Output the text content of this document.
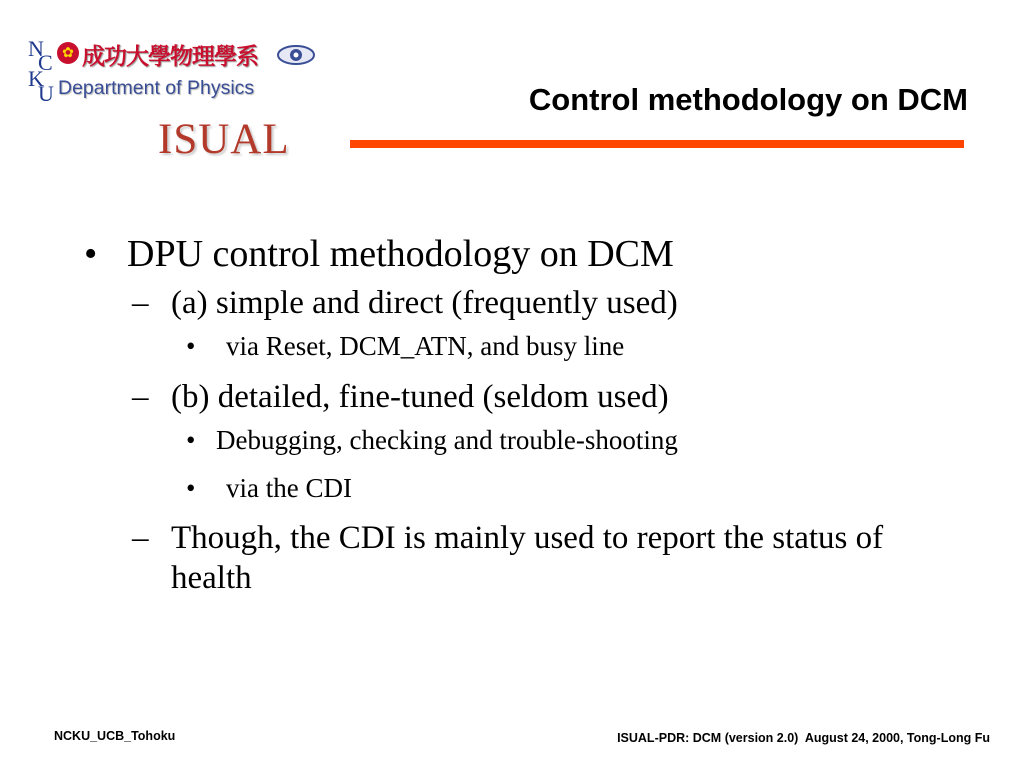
N
C
K
U
✿ 成功大學物理學系
Department of Physics
ISUAL
Control methodology on DCM
• DPU control methodology on DCM
– (a) simple and direct (frequently used)
• via Reset, DCM_ATN, and busy line
– (b) detailed, fine-tuned (seldom used)
• Debugging, checking and trouble-shooting
• via the CDI
– Though, the CDI is mainly used to report the status of health
NCKU_UCB_Tohoku	ISUAL-PDR: DCM (version 2.0)  August 24, 2000, Tong-Long Fu
